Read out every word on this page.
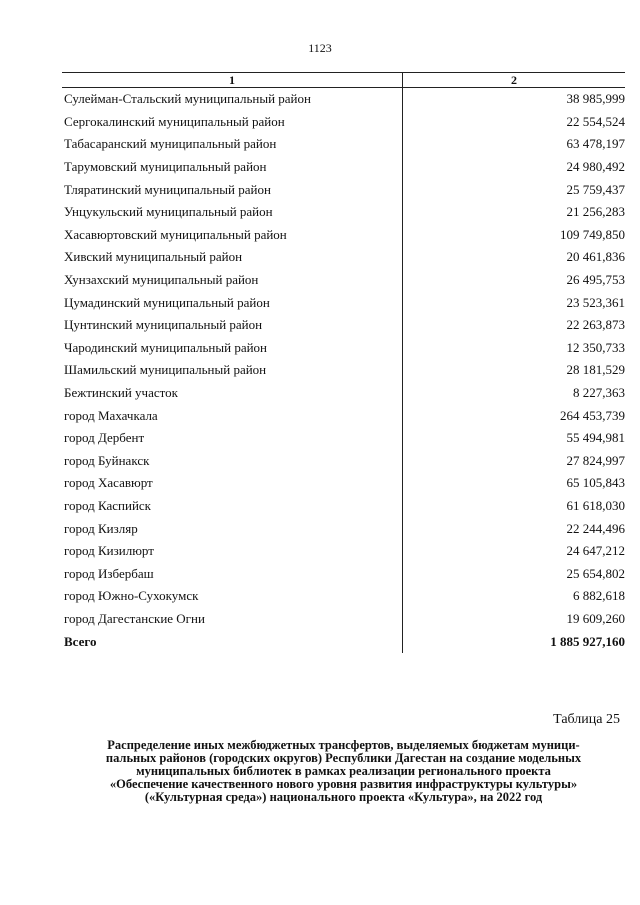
1123
1	2
Сулейман-Стальский муниципальный район	38 985,999
Сергокалинский муниципальный район	22 554,524
Табасаранский муниципальный район	63 478,197
Тарумовский муниципальный район	24 980,492
Тляратинский муниципальный район	25 759,437
Унцукульский муниципальный район	21 256,283
Хасавюртовский муниципальный район	109 749,850
Хивский муниципальный район	20 461,836
Хунзахский муниципальный район	26 495,753
Цумадинский муниципальный район	23 523,361
Цунтинский муниципальный район	22 263,873
Чародинский муниципальный район	12 350,733
Шамильский муниципальный район	28 181,529
Бежтинский участок	8 227,363
город Махачкала	264 453,739
город Дербент	55 494,981
город Буйнакск	27 824,997
город Хасавюрт	65 105,843
город Каспийск	61 618,030
город Кизляр	22 244,496
город Кизилюрт	24 647,212
город Избербаш	25 654,802
город Южно-Сухокумск	6 882,618
город Дагестанские Огни	19 609,260
Всего	1 885 927,160
Таблица 25
Распределение иных межбюджетных трансфертов, выделяемых бюджетам муници-
пальных районов (городских округов) Республики Дагестан на создание модельных
муниципальных библиотек в рамках реализации регионального проекта
«Обеспечение качественного нового уровня развития инфраструктуры культуры»
(«Культурная среда») национального проекта «Культура», на 2022 год
